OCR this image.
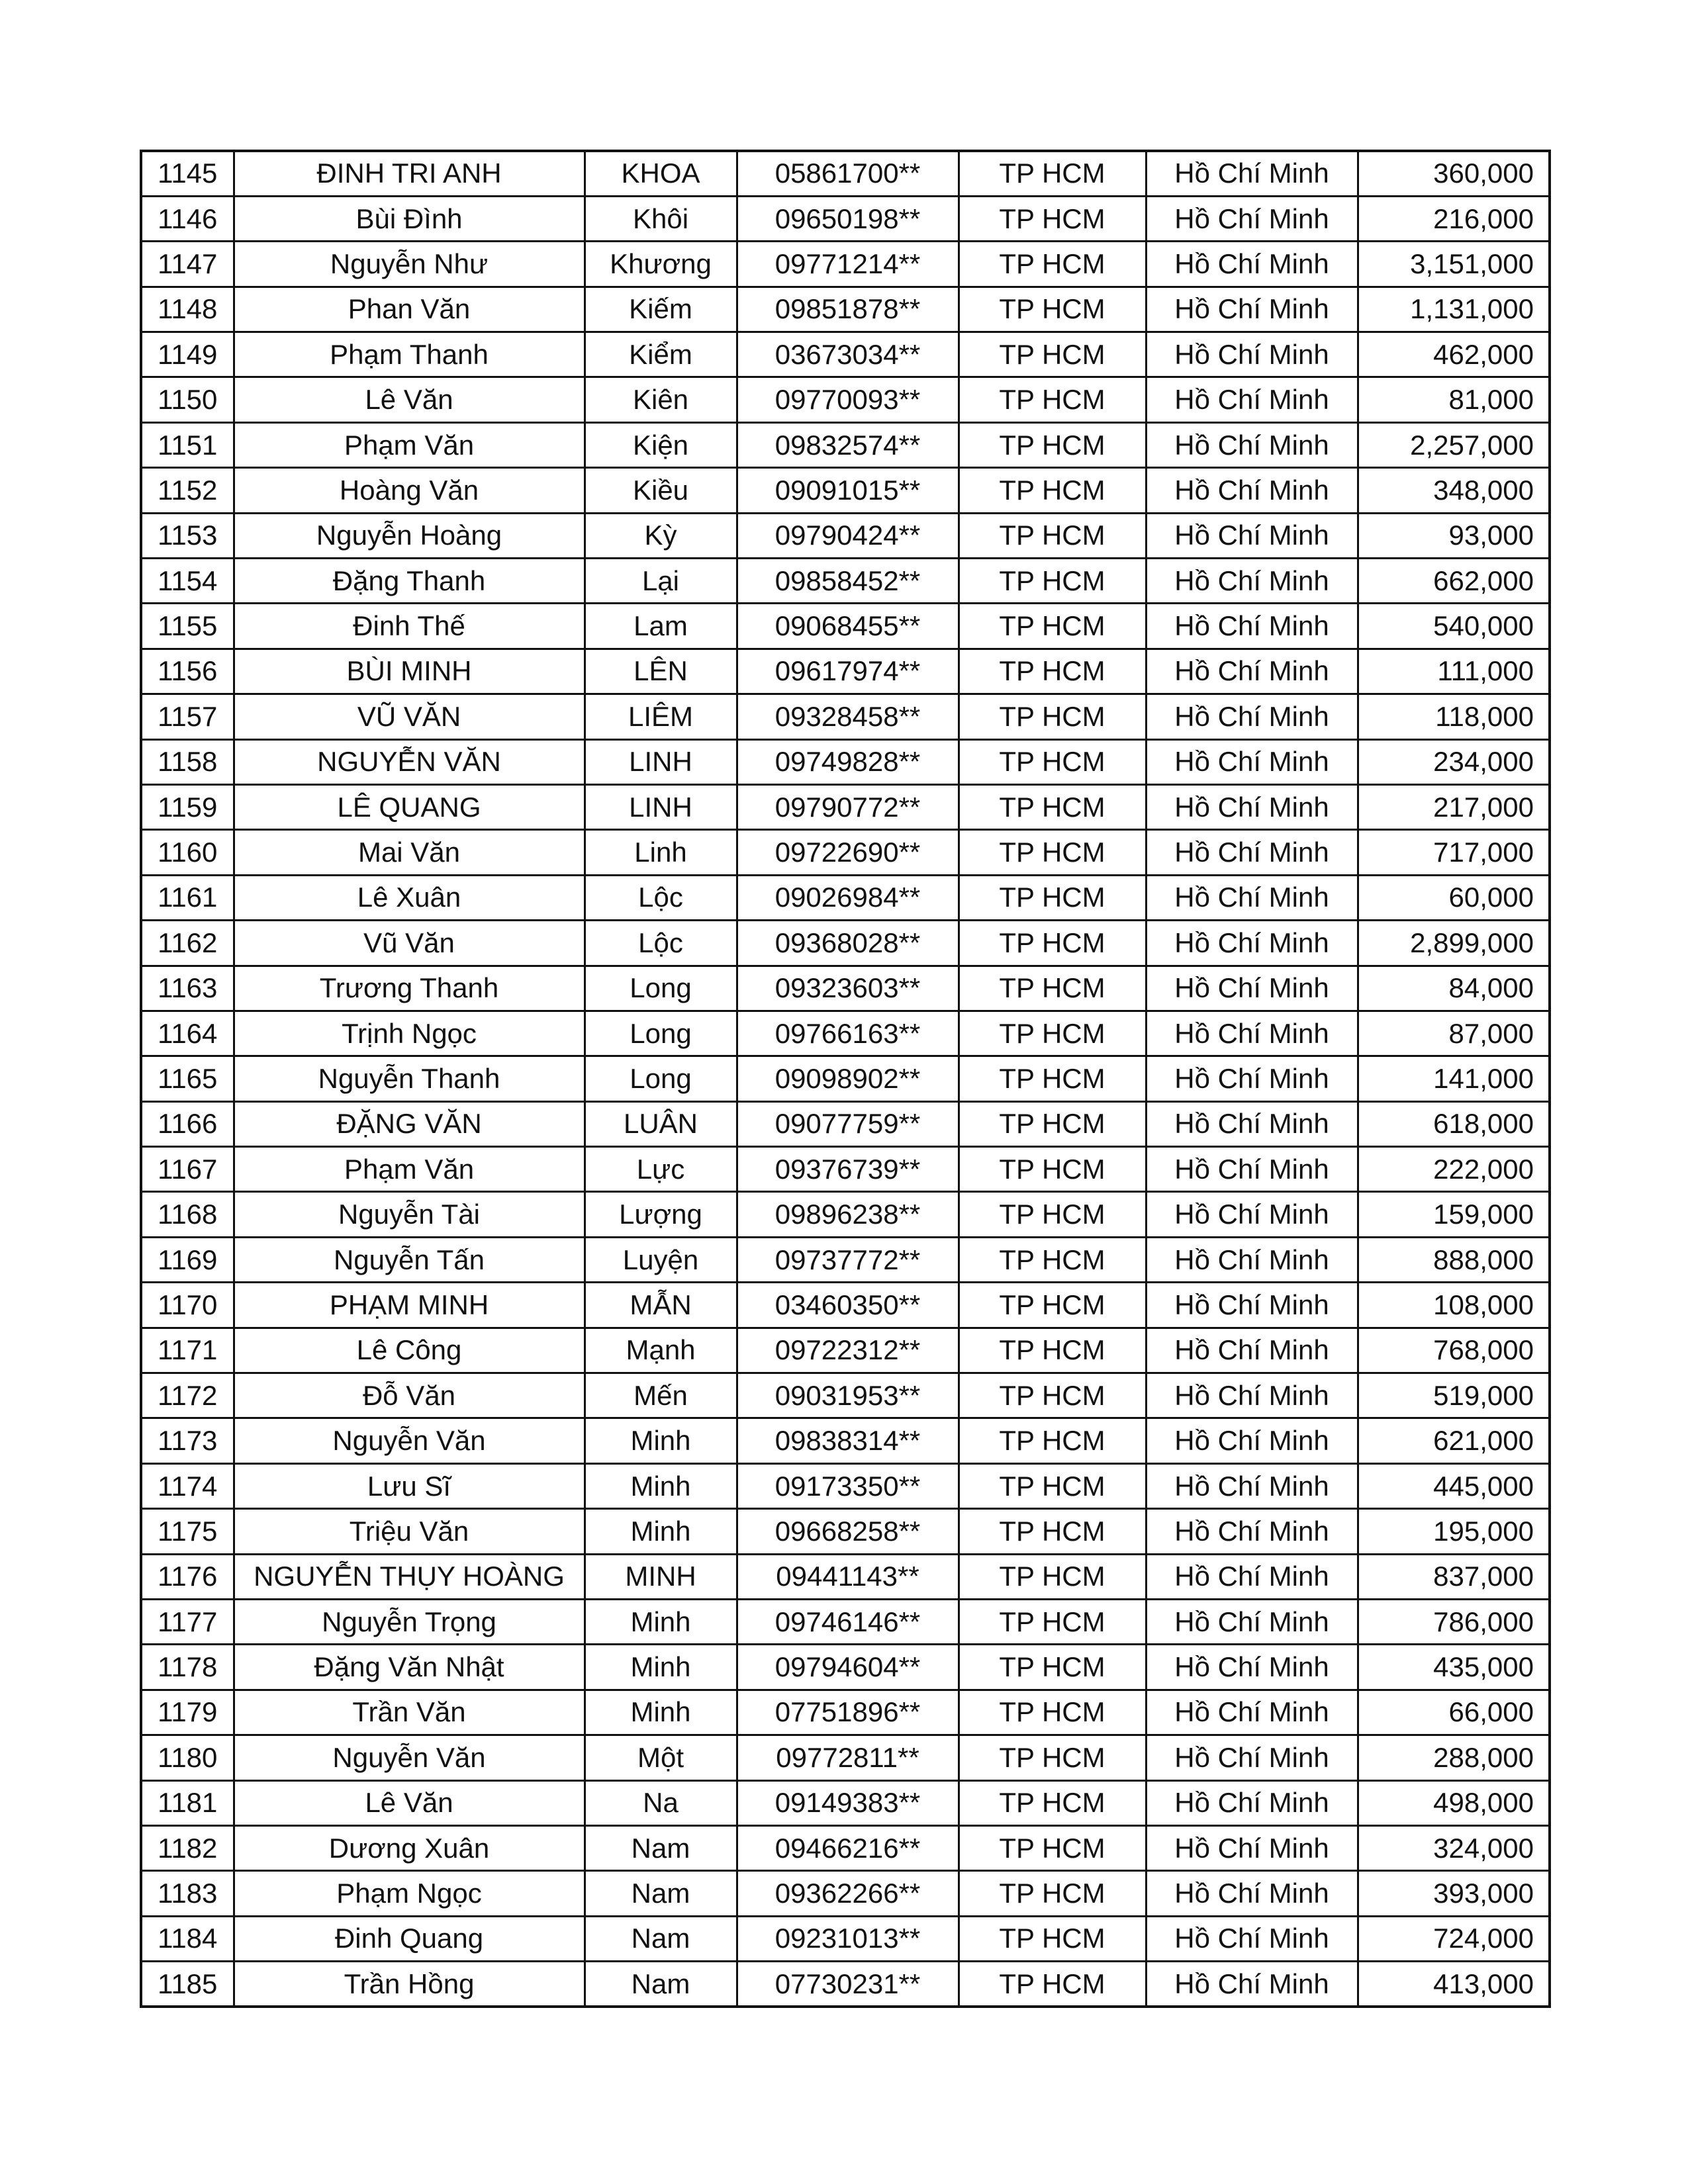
1145	ĐINH TRI ANH	KHOA	05861700**	TP HCM	Hồ Chí Minh	360,000
1146	Bùi Đình	Khôi	09650198**	TP HCM	Hồ Chí Minh	216,000
1147	Nguyễn Như	Khương	09771214**	TP HCM	Hồ Chí Minh	3,151,000
1148	Phan Văn	Kiếm	09851878**	TP HCM	Hồ Chí Minh	1,131,000
1149	Phạm Thanh	Kiểm	03673034**	TP HCM	Hồ Chí Minh	462,000
1150	Lê Văn	Kiên	09770093**	TP HCM	Hồ Chí Minh	81,000
1151	Phạm Văn	Kiện	09832574**	TP HCM	Hồ Chí Minh	2,257,000
1152	Hoàng Văn	Kiều	09091015**	TP HCM	Hồ Chí Minh	348,000
1153	Nguyễn Hoàng	Kỳ	09790424**	TP HCM	Hồ Chí Minh	93,000
1154	Đặng Thanh	Lại	09858452**	TP HCM	Hồ Chí Minh	662,000
1155	Đinh Thế	Lam	09068455**	TP HCM	Hồ Chí Minh	540,000
1156	BÙI MINH	LÊN	09617974**	TP HCM	Hồ Chí Minh	111,000
1157	VŨ VĂN	LIÊM	09328458**	TP HCM	Hồ Chí Minh	118,000
1158	NGUYỄN VĂN	LINH	09749828**	TP HCM	Hồ Chí Minh	234,000
1159	LÊ QUANG	LINH	09790772**	TP HCM	Hồ Chí Minh	217,000
1160	Mai Văn	Linh	09722690**	TP HCM	Hồ Chí Minh	717,000
1161	Lê Xuân	Lộc	09026984**	TP HCM	Hồ Chí Minh	60,000
1162	Vũ Văn	Lộc	09368028**	TP HCM	Hồ Chí Minh	2,899,000
1163	Trương Thanh	Long	09323603**	TP HCM	Hồ Chí Minh	84,000
1164	Trịnh Ngọc	Long	09766163**	TP HCM	Hồ Chí Minh	87,000
1165	Nguyễn Thanh	Long	09098902**	TP HCM	Hồ Chí Minh	141,000
1166	ĐẶNG VĂN	LUÂN	09077759**	TP HCM	Hồ Chí Minh	618,000
1167	Phạm Văn	Lực	09376739**	TP HCM	Hồ Chí Minh	222,000
1168	Nguyễn Tài	Lượng	09896238**	TP HCM	Hồ Chí Minh	159,000
1169	Nguyễn Tấn	Luyện	09737772**	TP HCM	Hồ Chí Minh	888,000
1170	PHẠM MINH	MẪN	03460350**	TP HCM	Hồ Chí Minh	108,000
1171	Lê Công	Mạnh	09722312**	TP HCM	Hồ Chí Minh	768,000
1172	Đỗ Văn	Mến	09031953**	TP HCM	Hồ Chí Minh	519,000
1173	Nguyễn Văn	Minh	09838314**	TP HCM	Hồ Chí Minh	621,000
1174	Lưu Sĩ	Minh	09173350**	TP HCM	Hồ Chí Minh	445,000
1175	Triệu Văn	Minh	09668258**	TP HCM	Hồ Chí Minh	195,000
1176	NGUYỄN THỤY HOÀNG	MINH	09441143**	TP HCM	Hồ Chí Minh	837,000
1177	Nguyễn Trọng	Minh	09746146**	TP HCM	Hồ Chí Minh	786,000
1178	Đặng Văn Nhật	Minh	09794604**	TP HCM	Hồ Chí Minh	435,000
1179	Trần Văn	Minh	07751896**	TP HCM	Hồ Chí Minh	66,000
1180	Nguyễn Văn	Một	09772811**	TP HCM	Hồ Chí Minh	288,000
1181	Lê Văn	Na	09149383**	TP HCM	Hồ Chí Minh	498,000
1182	Dương Xuân	Nam	09466216**	TP HCM	Hồ Chí Minh	324,000
1183	Phạm Ngọc	Nam	09362266**	TP HCM	Hồ Chí Minh	393,000
1184	Đinh Quang	Nam	09231013**	TP HCM	Hồ Chí Minh	724,000
1185	Trần Hồng	Nam	07730231**	TP HCM	Hồ Chí Minh	413,000
